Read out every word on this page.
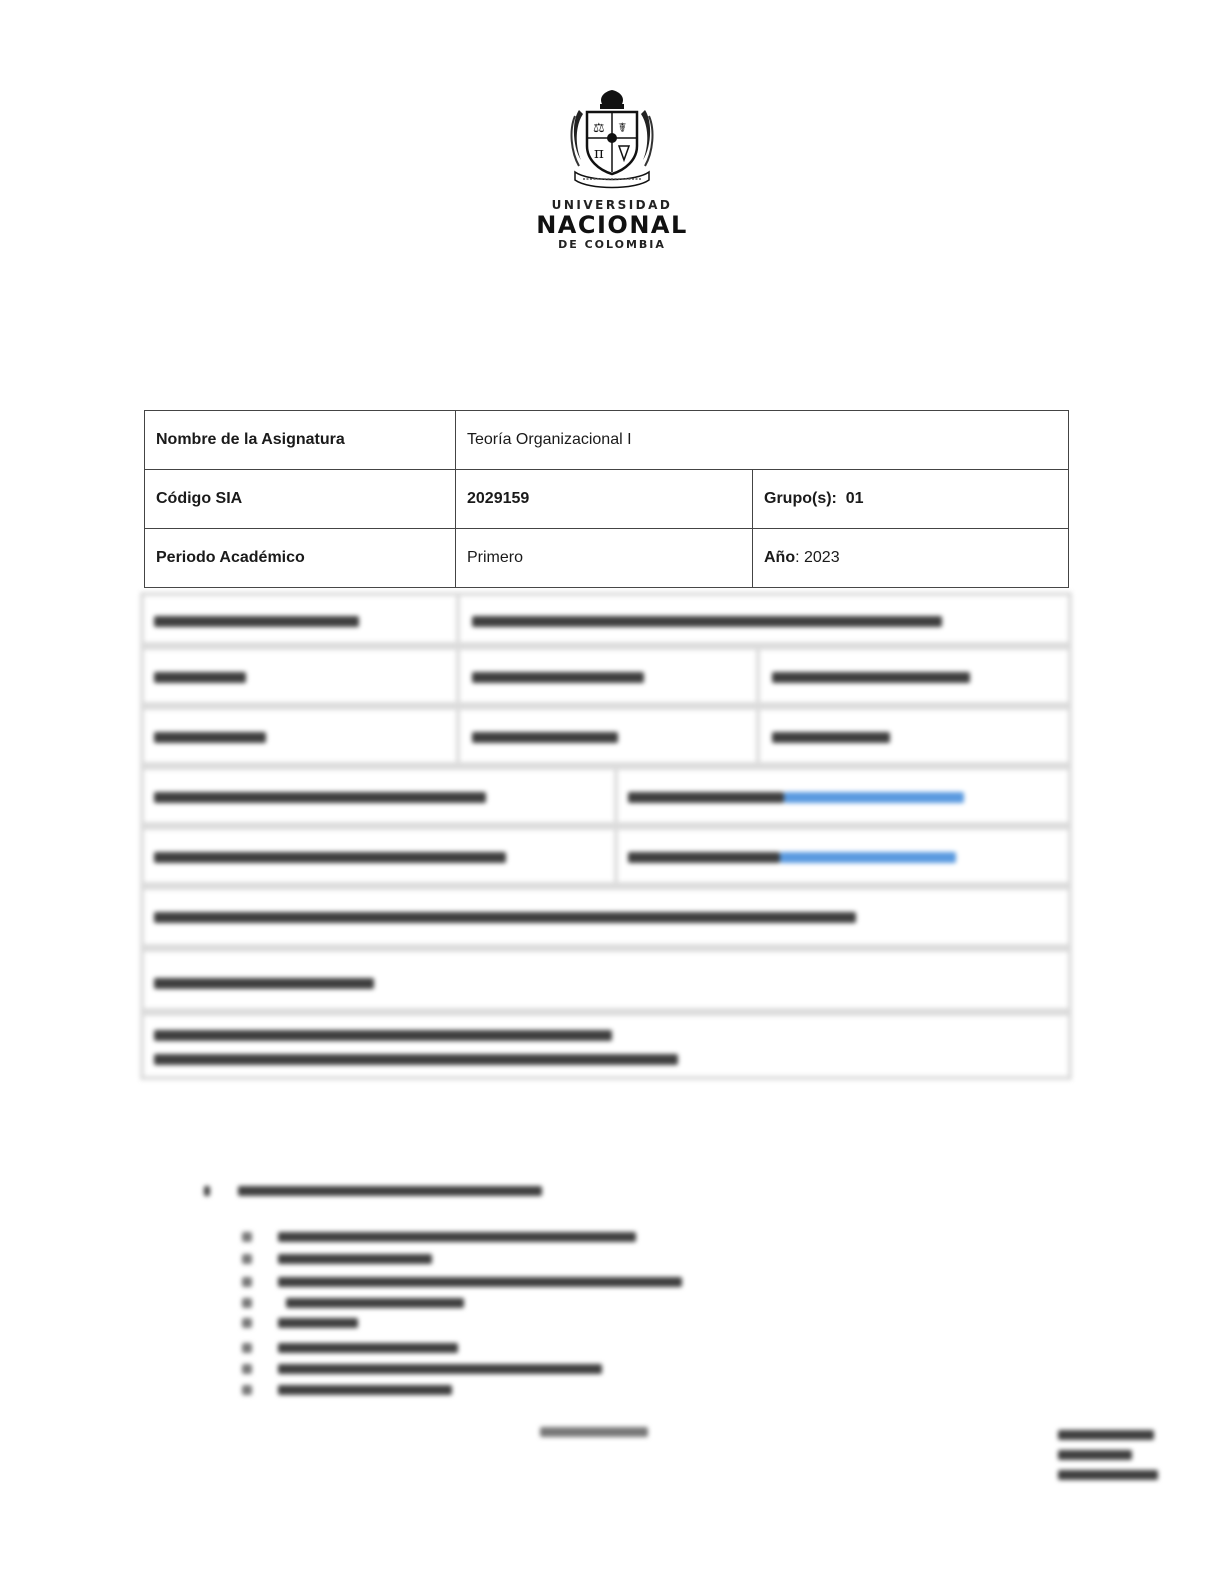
⚖ ☤
π
UNIVERSIDAD
NACIONAL
DE COLOMBIA
Nombre de la Asignatura	Teoría Organizacional I	
Código SIA	2029159	Grupo(s): 01
Periodo Académico	Primero	Año: 2023
